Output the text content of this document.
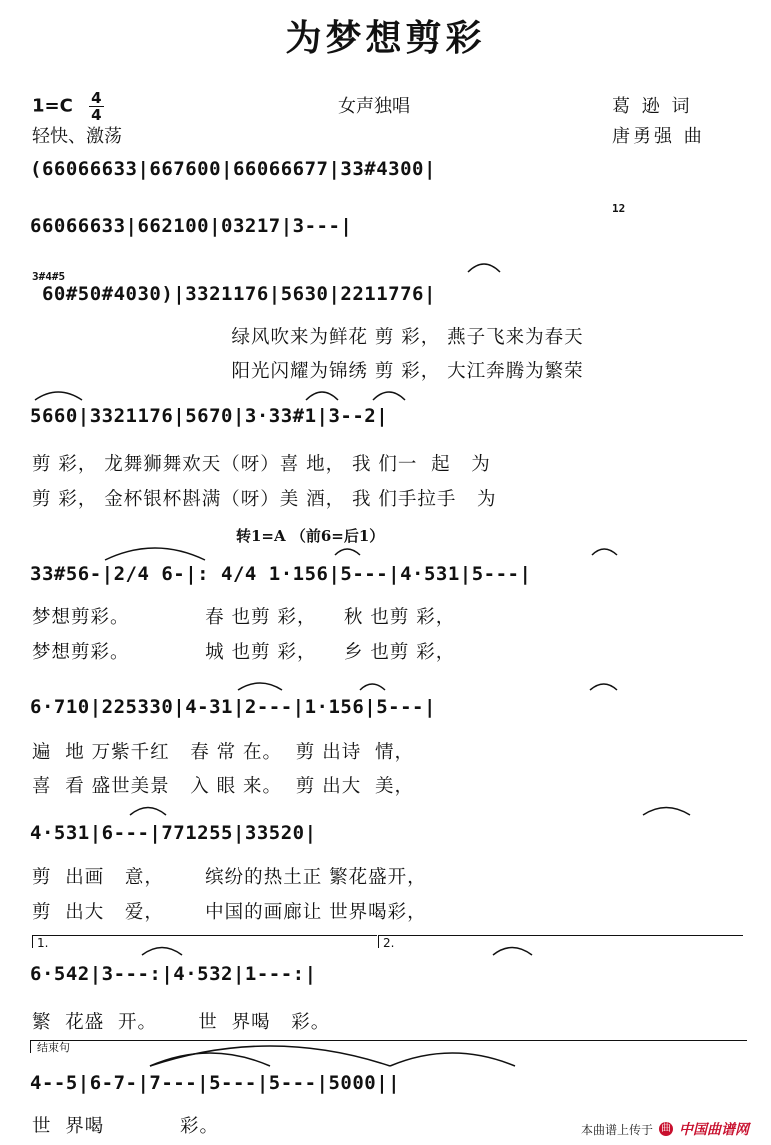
为梦想剪彩
$1=C \frac{4}{4}$
轻快、激荡
女声独唱	葛 逊 词
唐勇强 曲
(66066633|667600|66066677|33#4300|
66066633|662100|03217|3---|
12
3#4#5
60#50#4030)|3321176|5630|2211776|
绿风吹来为鲜花 剪 彩， 燕子飞来为春天
阳光闪耀为锦绣 剪 彩， 大江奔腾为繁荣
5660|3321176|5670|3·33#1|3--2|
剪 彩， 龙舞狮舞欢天（呀）喜 地， 我 们一  起   为
剪 彩， 金杯银杯斟满（呀）美 酒， 我 们手拉手   为
转1=A （前6=后1）
33#56-|2/4 6-|: 4/4 1·156|5---|4·531|5---|
梦想剪彩。           春 也剪 彩，    秋 也剪 彩，
梦想剪彩。           城 也剪 彩，    乡 也剪 彩，
6·710|225330|4-31|2---|1·156|5---|
遍  地 万紫千红   春 常 在。  剪 出诗  情，
喜  看 盛世美景   入 眼 来。  剪 出大  美，
4·531|6---|771255|33520|
剪  出画   意，      缤纷的热土正 繁花盛开，
剪  出大   爱，      中国的画廊让 世界喝彩，
1.	2.
6·542|3---:|4·532|1---:|
繁  花盛  开。      世  界喝   彩。
结束句
4--5|6-7-|7---|5---|5---|5000||
世  界喝           彩。	本曲谱上传于 曲 中国曲谱网
